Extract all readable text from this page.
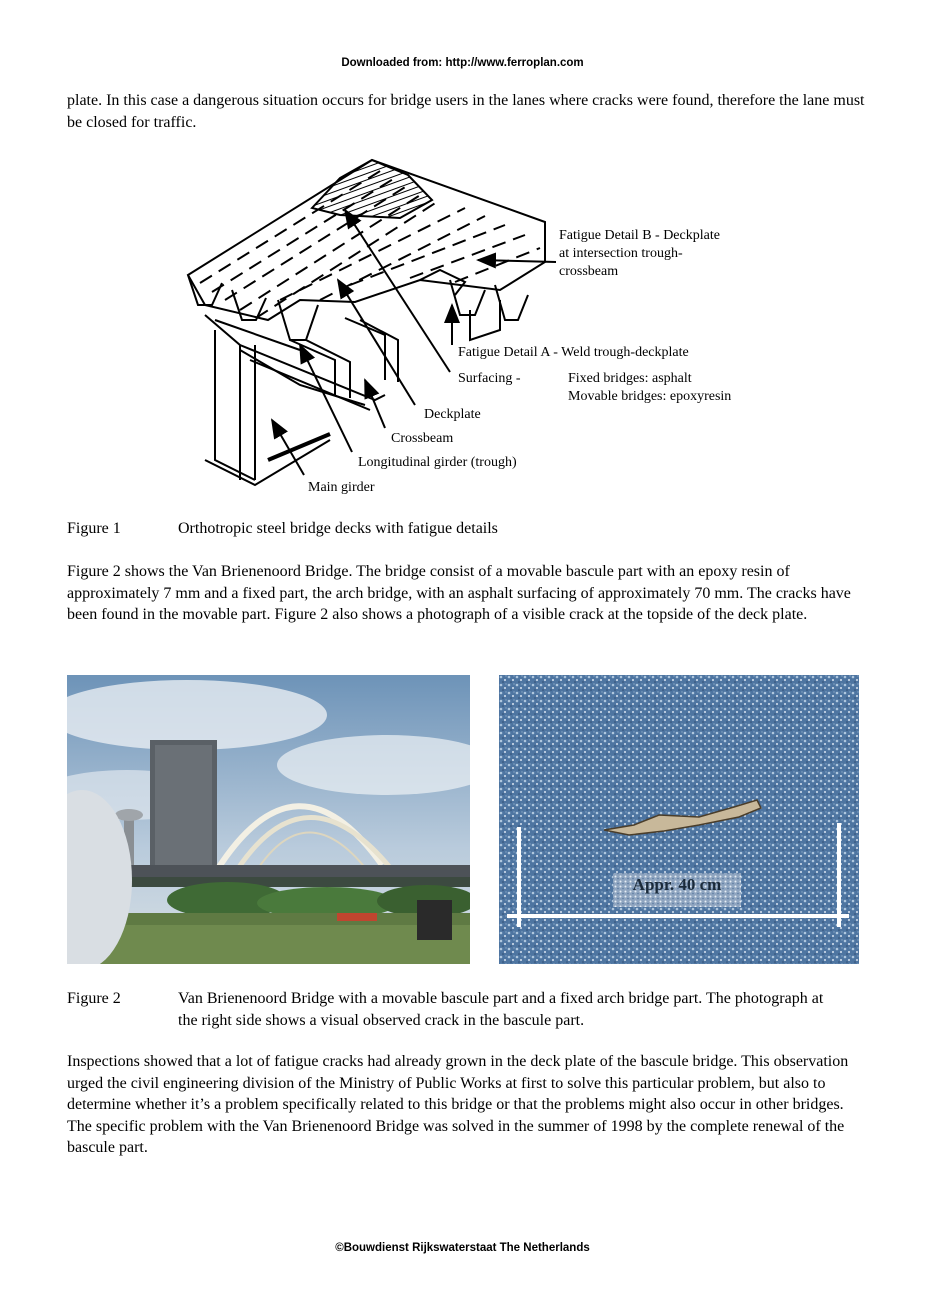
Downloaded from: http://www.ferroplan.com
plate. In this case a dangerous situation occurs for bridge users in the lanes where cracks were found, therefore the lane must be closed for traffic.
Fatigue Detail B - Deckplate
at intersection trough-
crossbeam
Fatigue Detail A - Weld trough-deckplate
Surfacing -	Fixed bridges: asphalt
Movable bridges: epoxyresin
Deckplate
Crossbeam
Longitudinal girder (trough)
Main girder
Figure 1	Orthotropic steel bridge decks with fatigue details
Figure 2 shows the Van Brienenoord Bridge. The bridge consist of a movable bascule part with an epoxy resin of approximately 7 mm and a fixed part, the arch bridge, with an asphalt surfacing of approximately 70 mm. The cracks have been found in the movable part. Figure 2 also shows a photograph of a visible crack at the topside of the deck plate.
Appr. 40 cm
Figure 2	Van Brienenoord Bridge with a movable bascule part and a fixed arch bridge part. The photograph at the right side shows a visual observed crack in the bascule part.
Inspections showed that a lot of fatigue cracks had already grown in the deck plate of the bascule bridge. This observation urged the civil engineering division of the Ministry of Public Works at first to solve this particular problem, but also to determine whether it’s a problem specifically related to this bridge or that the problems might also occur in other bridges. The specific problem with the Van Brienenoord Bridge was solved in the summer of 1998 by the complete renewal of the bascule part.
©Bouwdienst Rijkswaterstaat The Netherlands
